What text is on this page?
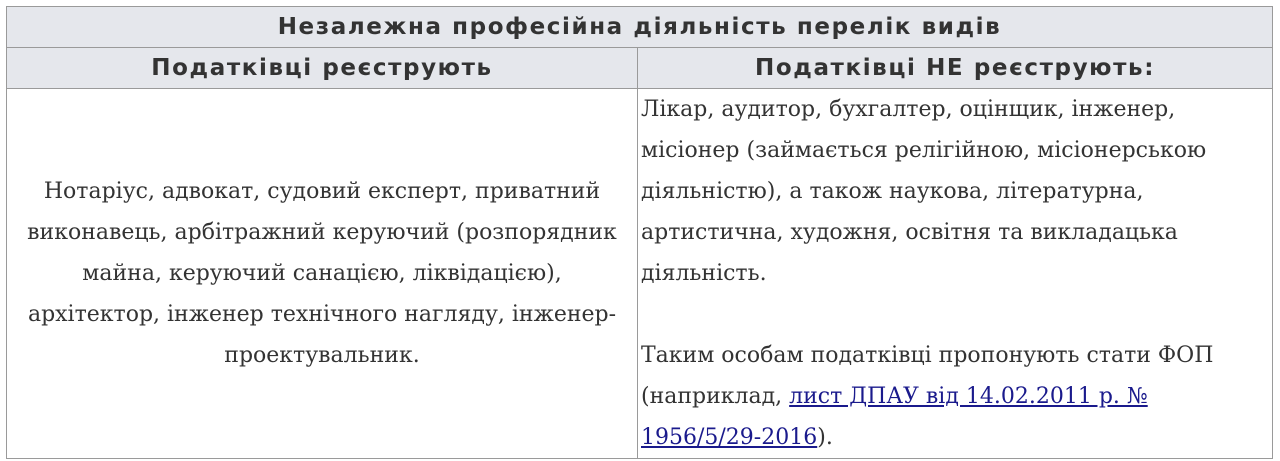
Незалежна професійна діяльність перелік видів	
Податківці реєструють	Податківці НЕ реєструють:
Нотаріус, адвокат, судовий експерт, приватний виконавець, арбітражний керуючий (розпорядник майна, керуючий санацією, ліквідацією), архітектор, інженер технічного нагляду, інженер-проектувальник.	Лікар, аудитор, бухгалтер, оцінщик, інженер, місіонер (займається релігійною, місіонерською діяльністю), а також наукова, літературна, артистична, художня, освітня та викладацька діяльність.

Таким особам податківці пропонують стати ФОП (наприклад, лист ДПАУ від 14.02.2011 р. № 1956/5/29-2016).
